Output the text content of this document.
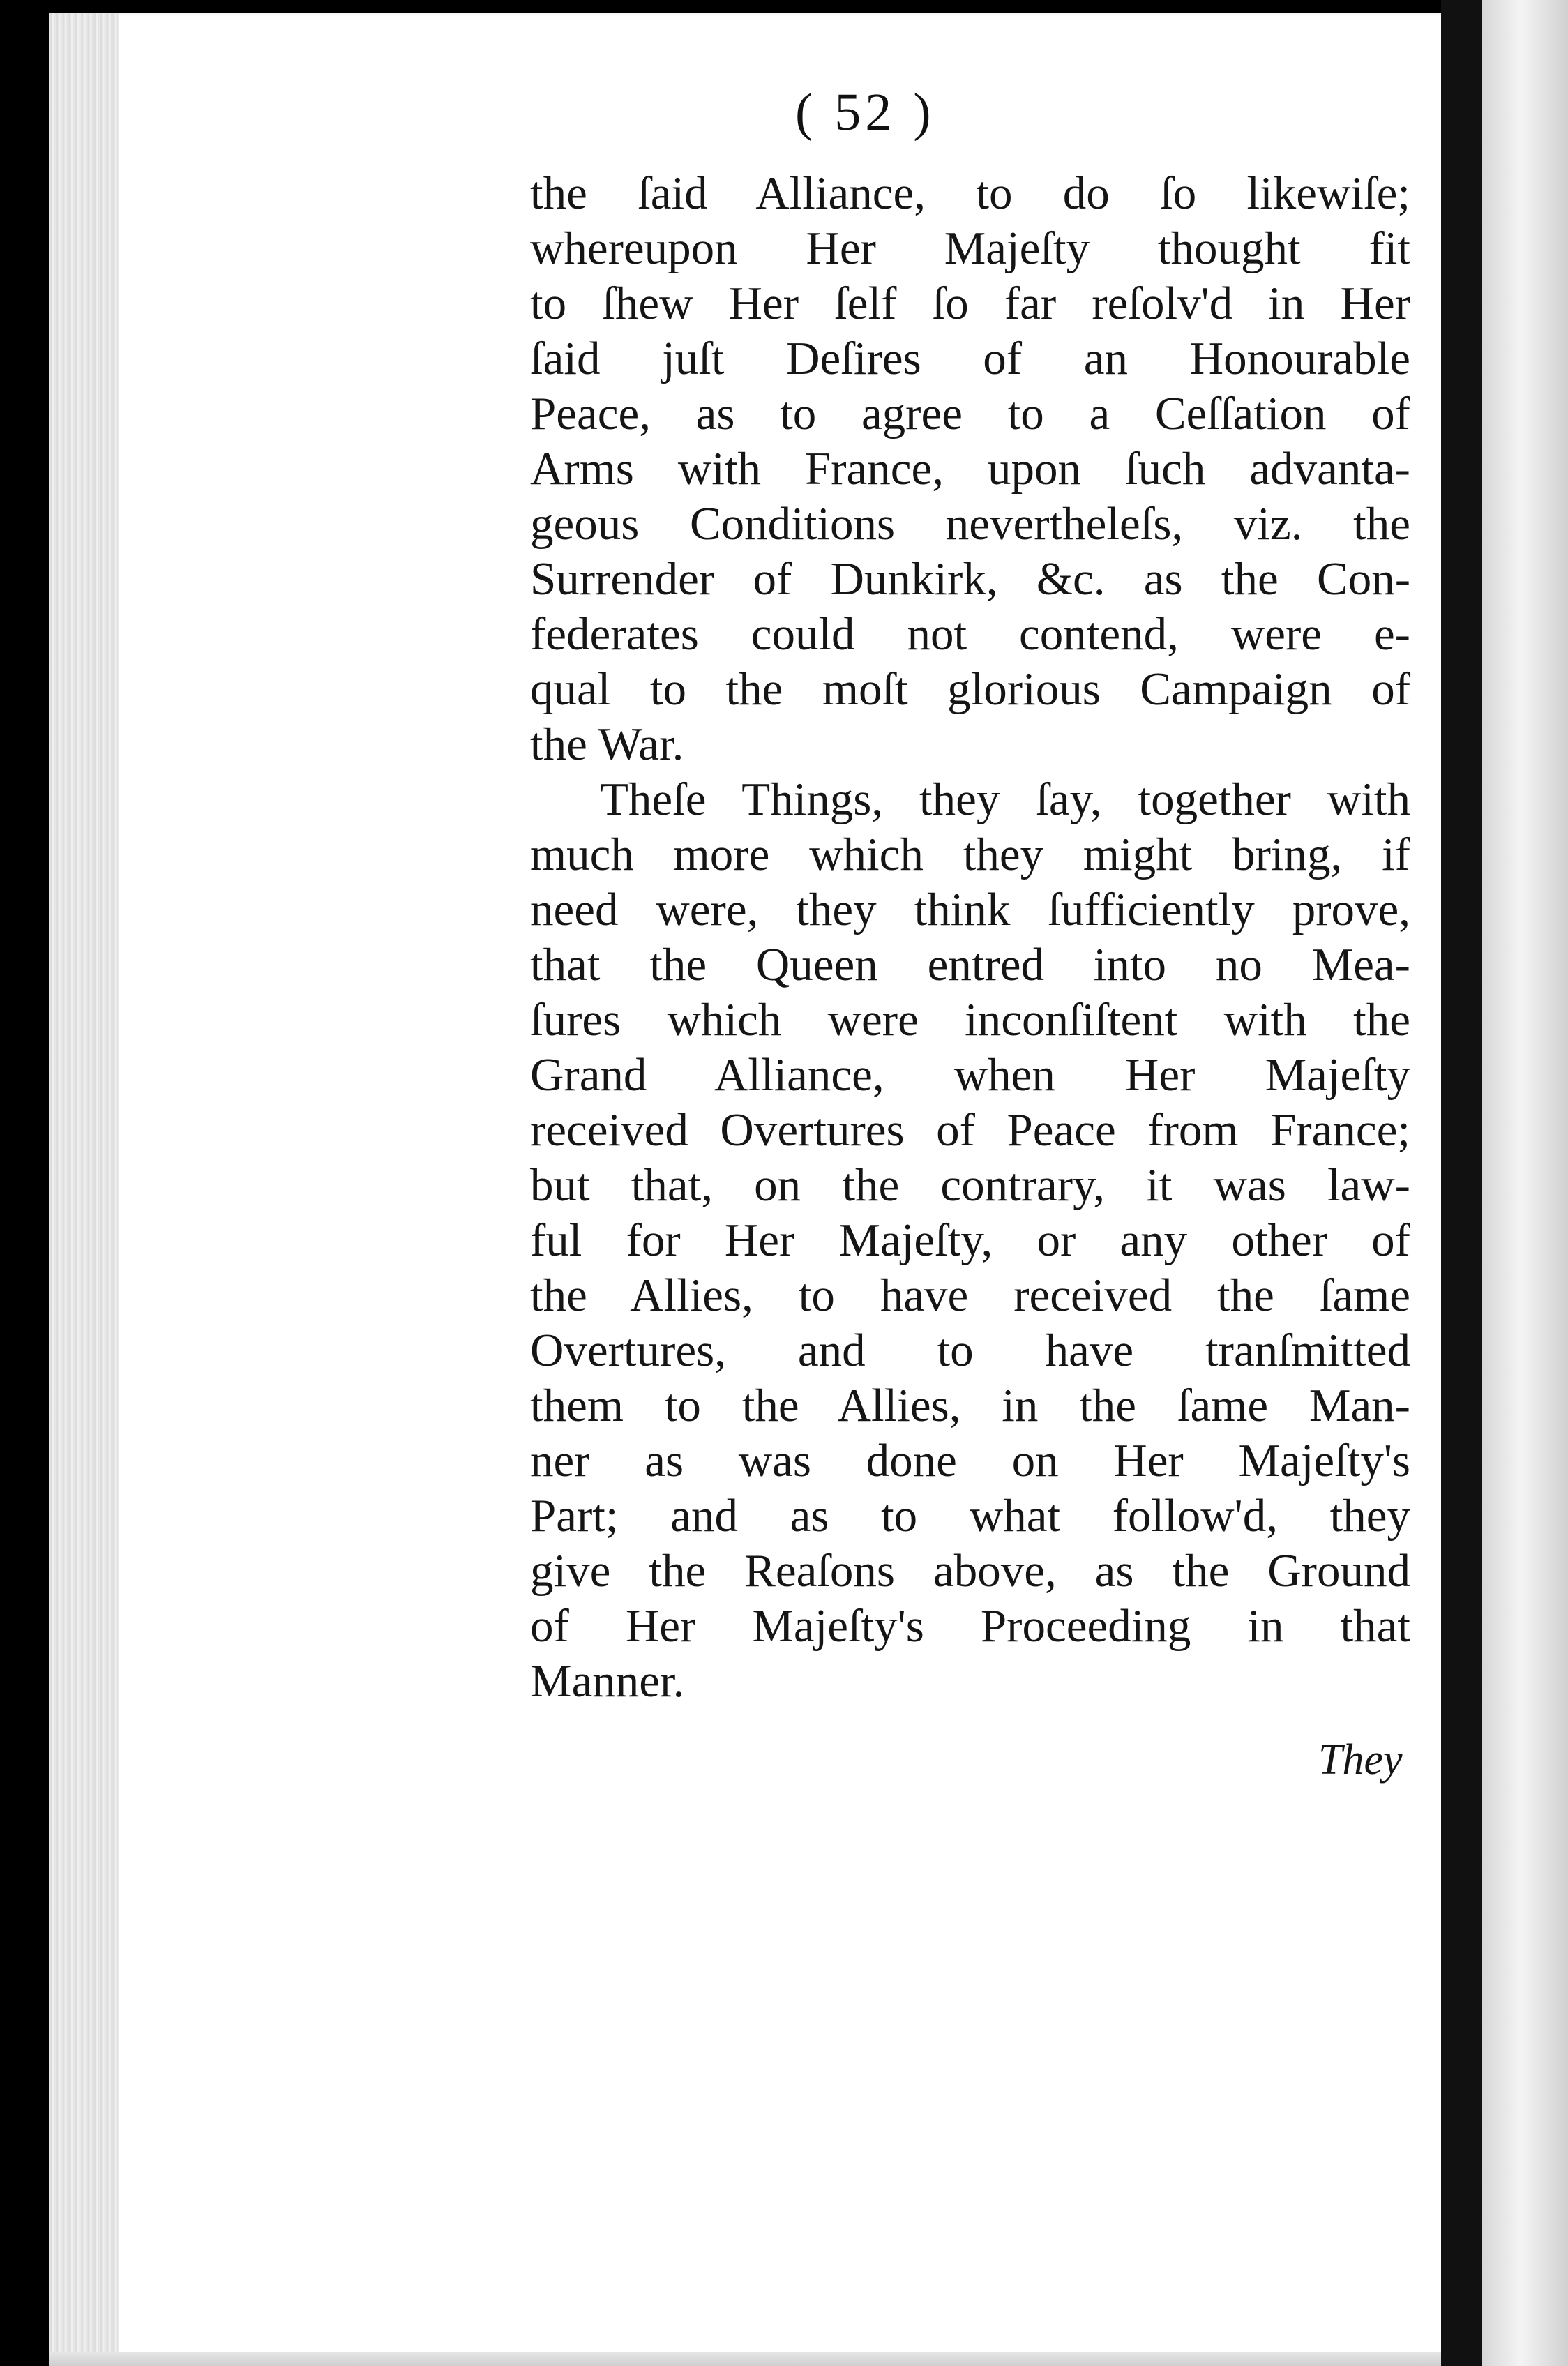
( 52 )
the ſaid Alliance, to do ſo likewiſe;
whereupon Her Majeſty thought fit
to ſhew Her ſelf ſo far reſolv'd in Her
ſaid juſt Deſires of an Honourable
Peace, as to agree to a Ceſſation of
Arms with France, upon ſuch advanta-
geous Conditions nevertheleſs, viz. the
Surrender of Dunkirk, &c. as the Con-
federates could not contend, were e-
qual to the moſt glorious Campaign of
the War.
Theſe Things, they ſay, together with
much more which they might bring, if
need were, they think ſufficiently prove,
that the Queen entred into no Mea-
ſures which were inconſiſtent with the
Grand Alliance, when Her Majeſty
received Overtures of Peace from France;
but that, on the contrary, it was law-
ful for Her Majeſty, or any other of
the Allies, to have received the ſame
Overtures, and to have tranſmitted
them to the Allies, in the ſame Man-
ner as was done on Her Majeſty's
Part; and as to what follow'd, they
give the Reaſons above, as the Ground
of Her Majeſty's Proceeding in that
Manner.
They
